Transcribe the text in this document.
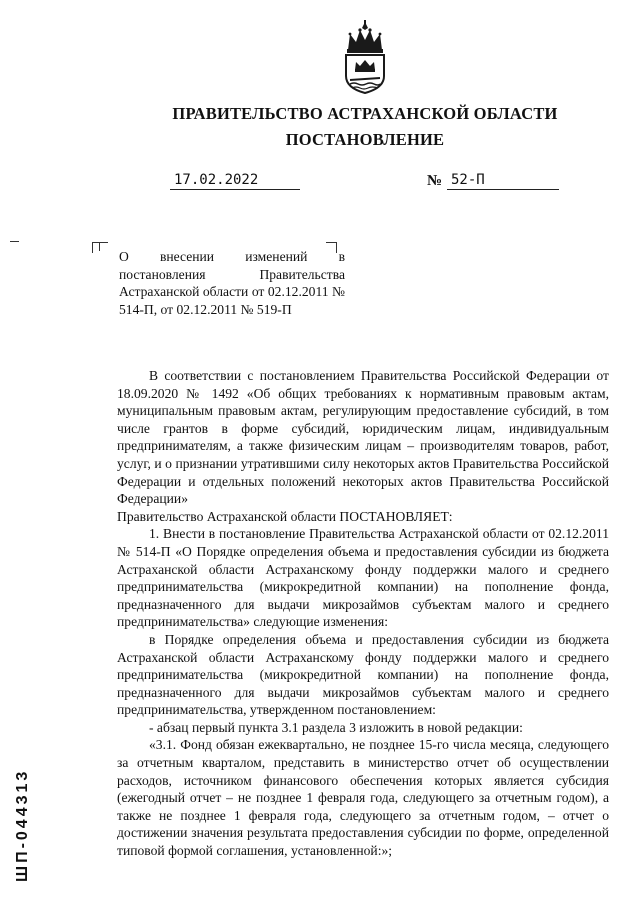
ПРАВИТЕЛЬСТВО АСТРАХАНСКОЙ ОБЛАСТИ
ПОСТАНОВЛЕНИЕ
17.02.2022	№ 52-П
О внесении изменений в постановления Правительства Астраханской области от 02.12.2011 № 514-П, от 02.12.2011 № 519-П

В соответствии с постановлением Правительства Российской Федерации от 18.09.2020 № 1492 «Об общих требованиях к нормативным правовым актам, муниципальным правовым актам, регулирующим предоставление субсидий, в том числе грантов в форме субсидий, юридическим лицам, индивидуальным предпринимателям, а также физическим лицам – производителям товаров, работ, услуг, и о признании утратившими силу некоторых актов Правительства Российской Федерации и отдельных положений некоторых актов Правительства Российской Федерации»

Правительство Астраханской области ПОСТАНОВЛЯЕТ:

1. Внести в постановление Правительства Астраханской области от 02.12.2011 № 514-П «О Порядке определения объема и предоставления субсидии из бюджета Астраханской области Астраханскому фонду поддержки малого и среднего предпринимательства (микрокредитной компании) на пополнение фонда, предназначенного для выдачи микрозаймов субъектам малого и среднего предпринимательства» следующие изменения:

в Порядке определения объема и предоставления субсидии из бюджета Астраханской области Астраханскому фонду поддержки малого и среднего предпринимательства (микрокредитной компании) на пополнение фонда, предназначенного для выдачи микрозаймов субъектам малого и среднего предпринимательства, утвержденном постановлением:

- абзац первый пункта 3.1 раздела 3 изложить в новой редакции:

«3.1. Фонд обязан ежеквартально, не позднее 15-го числа месяца, следующего за отчетным кварталом, представить в министерство отчет об осуществлении расходов, источником финансового обеспечения которых является субсидия (ежегодный отчет – не позднее 1 февраля года, следующего за отчетным годом), а также не позднее 1 февраля года, следующего за отчетным годом, – отчет о достижении значения результата предоставления субсидии по форме, определенной типовой формой соглашения, установленной:»;

ШП-044313
